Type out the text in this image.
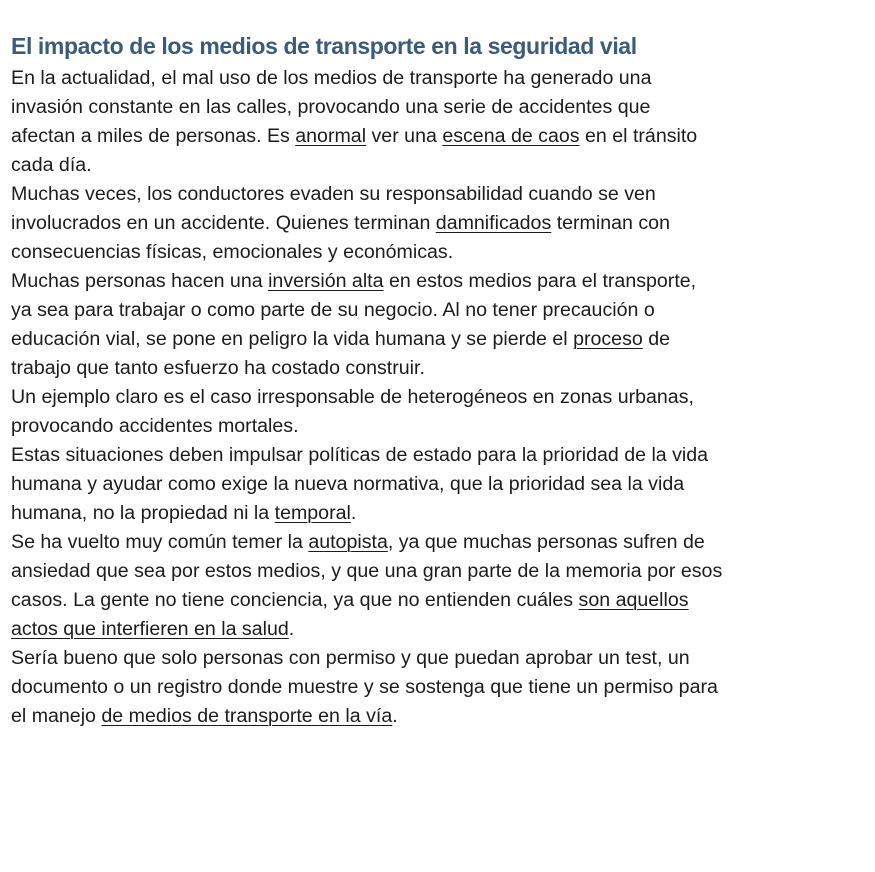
El impacto de los medios de transporte en la seguridad vial

En la actualidad, el mal uso de los medios de transporte ha generado una
invasión constante en las calles, provocando una serie de accidentes que
afectan a miles de personas. Es anormal ver una escena de caos en el tránsito
cada día.

Muchas veces, los conductores evaden su responsabilidad cuando se ven
involucrados en un accidente. Quienes terminan damnificados terminan con
consecuencias físicas, emocionales y económicas.

Muchas personas hacen una inversión alta en estos medios para el transporte,
ya sea para trabajar o como parte de su negocio. Al no tener precaución o
educación vial, se pone en peligro la vida humana y se pierde el proceso de
trabajo que tanto esfuerzo ha costado construir.

Un ejemplo claro es el caso irresponsable de heterogéneos en zonas urbanas,
provocando accidentes mortales.

Estas situaciones deben impulsar políticas de estado para la prioridad de la vida
humana y ayudar como exige la nueva normativa, que la prioridad sea la vida
humana, no la propiedad ni la temporal.

Se ha vuelto muy común temer la autopista, ya que muchas personas sufren de
ansiedad que sea por estos medios, y que una gran parte de la memoria por esos
casos. La gente no tiene conciencia, ya que no entienden cuáles son aquellos
actos que interfieren en la salud.

Sería bueno que solo personas con permiso y que puedan aprobar un test, un
documento o un registro donde muestre y se sostenga que tiene un permiso para
el manejo de medios de transporte en la vía.
